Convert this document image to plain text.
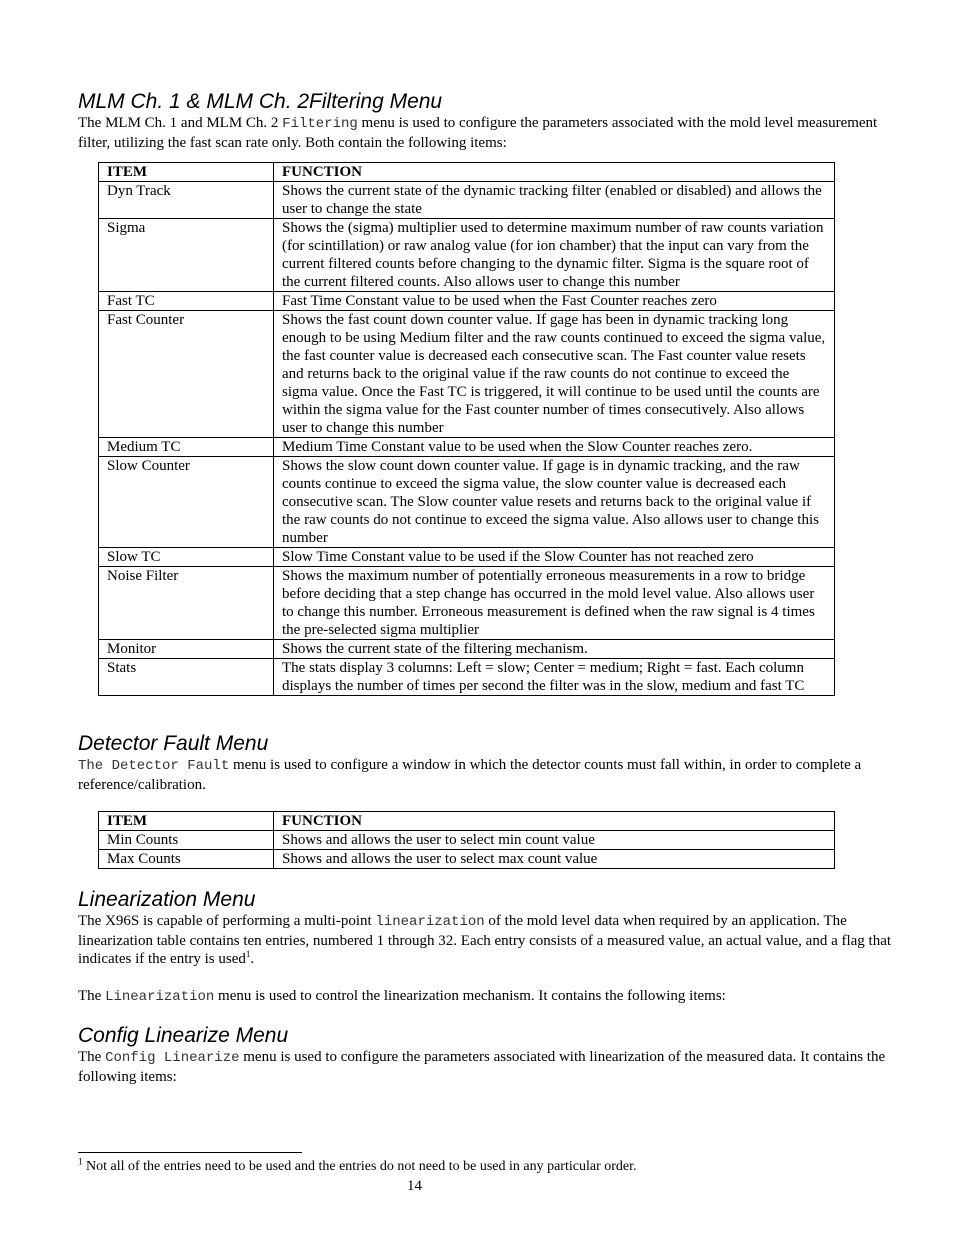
MLM Ch. 1 & MLM Ch. 2Filtering Menu

The MLM Ch. 1 and MLM Ch. 2 Filtering menu is used to configure the parameters associated with the mold level measurement filter, utilizing the fast scan rate only. Both contain the following items:

ITEM	FUNCTION
Dyn Track	Shows the current state of the dynamic tracking filter (enabled or disabled) and allows the user to change the state
Sigma	Shows the (sigma) multiplier used to determine maximum number of raw counts variation (for scintillation) or raw analog value (for ion chamber) that the input can vary from the current filtered counts before changing to the dynamic filter. Sigma is the square root of the current filtered counts. Also allows user to change this number
Fast TC	Fast Time Constant value to be used when the Fast Counter reaches zero
Fast Counter	Shows the fast count down counter value. If gage has been in dynamic tracking long enough to be using Medium filter and the raw counts continued to exceed the sigma value, the fast counter value is decreased each consecutive scan. The Fast counter value resets and returns back to the original value if the raw counts do not continue to exceed the sigma value. Once the Fast TC is triggered, it will continue to be used until the counts are within the sigma value for the Fast counter number of times consecutively. Also allows user to change this number
Medium TC	Medium Time Constant value to be used when the Slow Counter reaches zero.
Slow Counter	Shows the slow count down counter value. If gage is in dynamic tracking, and the raw counts continue to exceed the sigma value, the slow counter value is decreased each consecutive scan. The Slow counter value resets and returns back to the original value if the raw counts do not continue to exceed the sigma value. Also allows user to change this number
Slow TC	Slow Time Constant value to be used if the Slow Counter has not reached zero
Noise Filter	Shows the maximum number of potentially erroneous measurements in a row to bridge before deciding that a step change has occurred in the mold level value. Also allows user to change this number. Erroneous measurement is defined when the raw signal is 4 times the pre-selected sigma multiplier
Monitor	Shows the current state of the filtering mechanism.
Stats	The stats display 3 columns: Left = slow; Center = medium; Right = fast. Each column displays the number of times per second the filter was in the slow, medium and fast TC
Detector Fault Menu

The Detector Fault menu is used to configure a window in which the detector counts must fall within, in order to complete a reference/calibration.

ITEM	FUNCTION
Min Counts	Shows and allows the user to select min count value
Max Counts	Shows and allows the user to select max count value
Linearization Menu

The X96S is capable of performing a multi-point linearization of the mold level data when required by an application. The linearization table contains ten entries, numbered 1 through 32. Each entry consists of a measured value, an actual value, and a flag that indicates if the entry is used$^1$.

The Linearization menu is used to control the linearization mechanism. It contains the following items:

Config Linearize Menu

The Config Linearize menu is used to configure the parameters associated with linearization of the measured data. It contains the following items:

$^1$ Not all of the entries need to be used and the entries do not need to be used in any particular order.
14
